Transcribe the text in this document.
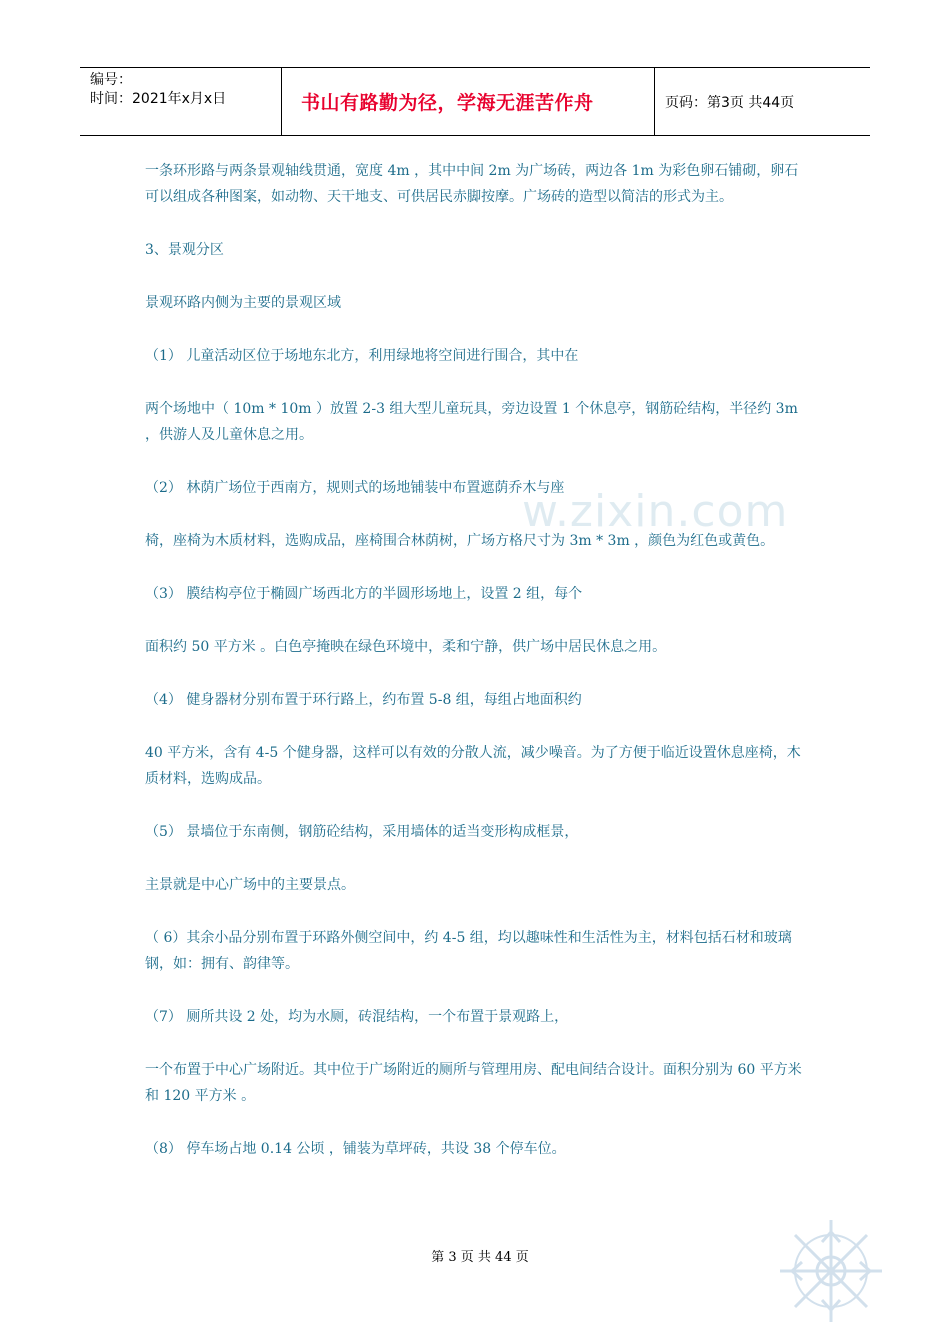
编号：
时间：2021年x月x日	书山有路勤为径，学海无涯苦作舟	页码：第3页 共44页
w.zixin.com

一条环形路与两条景观轴线贯通，宽度 4m ，其中中间 2m 为广场砖，两边各 1m 为彩色卵石铺砌，卵石可以组成各种图案，如动物、天干地支、可供居民赤脚按摩。广场砖的造型以简洁的形式为主。

3、景观分区

景观环路内侧为主要的景观区域

（1） 儿童活动区位于场地东北方，利用绿地将空间进行围合，其中在

两个场地中（ 10m * 10m ）放置 2-3 组大型儿童玩具，旁边设置 1 个休息亭，钢筋砼结构，半径约 3m ，供游人及儿童休息之用。

（2） 林荫广场位于西南方，规则式的场地铺装中布置遮荫乔木与座

椅，座椅为木质材料，选购成品，座椅围合林荫树，广场方格尺寸为 3m * 3m ，颜色为红色或黄色。

（3） 膜结构亭位于椭圆广场西北方的半圆形场地上，设置 2 组，每个

面积约 50 平方米 。白色亭掩映在绿色环境中，柔和宁静，供广场中居民休息之用。

（4） 健身器材分别布置于环行路上，约布置 5-8 组，每组占地面积约

40 平方米，含有 4-5 个健身器，这样可以有效的分散人流，减少噪音。为了方便于临近设置休息座椅，木质材料，选购成品。

（5） 景墙位于东南侧，钢筋砼结构，采用墙体的适当变形构成框景，

主景就是中心广场中的主要景点。

（ 6）其余小品分别布置于环路外侧空间中，约 4-5 组，均以趣味性和生活性为主，材料包括石材和玻璃钢，如：拥有、韵律等。

（7） 厕所共设 2 处，均为水厕，砖混结构，一个布置于景观路上，

一个布置于中心广场附近。其中位于广场附近的厕所与管理用房、配电间结合设计。面积分别为 60 平方米 和 120 平方米 。

（8） 停车场占地 0.14 公顷 ，铺装为草坪砖，共设 38 个停车位。

第 3 页 共 44 页
